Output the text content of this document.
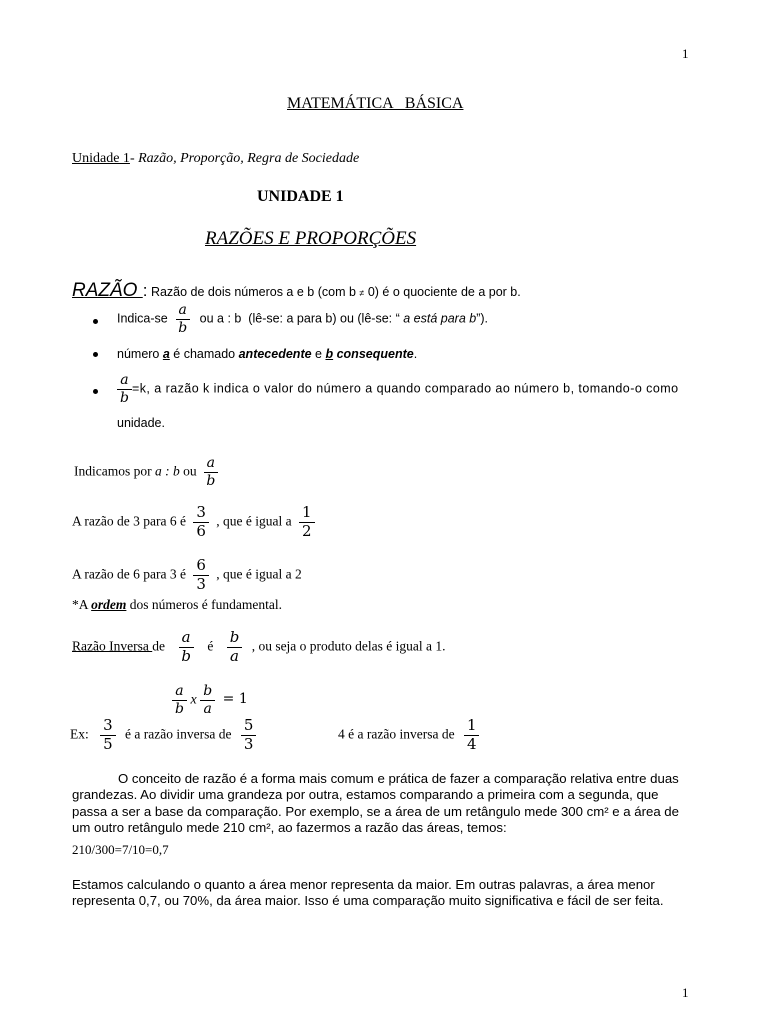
1
1
MATEMÁTICA   BÁSICA
Unidade 1- Razão, Proporção, Regra de Sociedade
UNIDADE 1
RAZÕES E PROPORÇÕES
RAZÃO : Razão de dois números a e b (com b ≠ 0) é o quociente de a por b.
Indica-se $\frac{a}{b}$ ou a : b  (lê-se: a para b) ou (lê-se: “ a está para b”).
número a é chamado antecedente e b consequente.
$\frac{a}{b} =k$, a razão k indica o valor do número a quando comparado ao número b, tomando-o como
unidade.
Indicamos por a : b ou $\frac{a}{b}$
A razão de 3 para 6 é $\frac{3}{6}$ , que é igual a $\frac{1}{2}$
A razão de 6 para 3 é $\frac{6}{3}$ , que é igual a 2
*A ordem dos números é fundamental.
Razão Inversa de $\frac{a}{b}$ é $\frac{b}{a}$ , ou seja o produto delas é igual a 1.
$\frac{a}{b}$ x $\frac{b}{a} = 1$
Ex: $\frac{3}{5}$ é a razão inversa de $\frac{5}{3}$	4 é a razão inversa de $\frac{1}{4}$
O conceito de razão é a forma mais comum e prática de fazer a comparação relativa entre duas grandezas. Ao dividir uma grandeza por outra, estamos comparando a primeira com a segunda, que passa a ser a base da comparação. Por exemplo, se a área de um retângulo mede 300 cm² e a área de um outro retângulo mede 210 cm², ao fazermos a razão das áreas, temos:
210/300=7/10=0,7
Estamos calculando o quanto a área menor representa da maior. Em outras palavras, a área menor representa 0,7, ou 70%, da área maior. Isso é uma comparação muito significativa e fácil de ser feita.
